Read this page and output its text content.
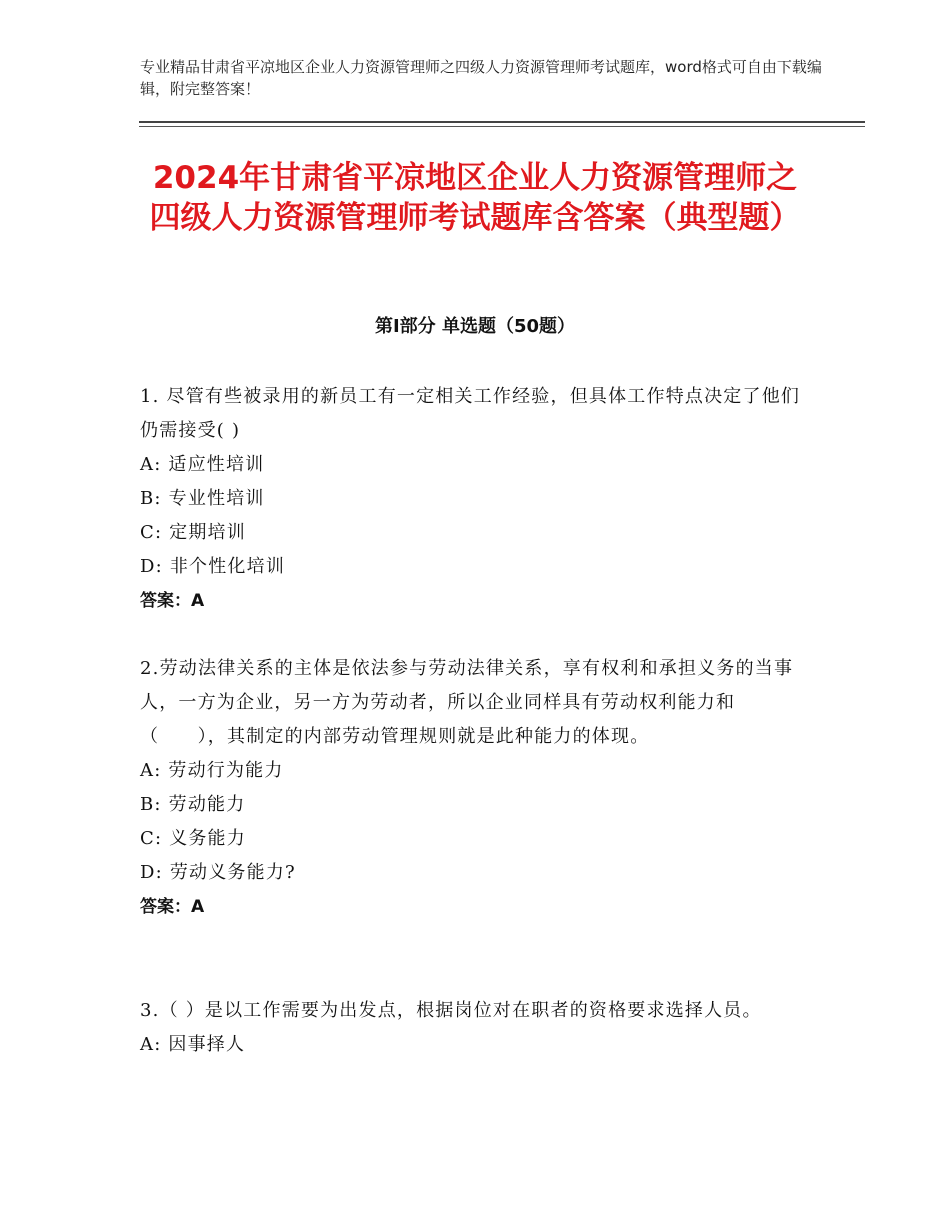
专业精品甘肃省平凉地区企业人力资源管理师之四级人力资源管理师考试题库，word格式可自由下载编辑，附完整答案！
2024年甘肃省平凉地区企业人力资源管理师之四级人力资源管理师考试题库含答案（典型题）
第Ⅰ部分 单选题（50题）

1. 尽管有些被录用的新员工有一定相关工作经验，但具体工作特点决定了他们仍需接受( )

A: 适应性培训

B: 专业性培训

C: 定期培训

D: 非个性化培训

答案：A

2.劳动法律关系的主体是依法参与劳动法律关系，享有权利和承担义务的当事人，一方为企业，另一方为劳动者，所以企业同样具有劳动权利能力和（　　），其制定的内部劳动管理规则就是此种能力的体现。

A: 劳动行为能力

B: 劳动能力

C: 义务能力

D: 劳动义务能力?

答案：A

3.（ ）是以工作需要为出发点，根据岗位对在职者的资格要求选择人员。

A: 因事择人
